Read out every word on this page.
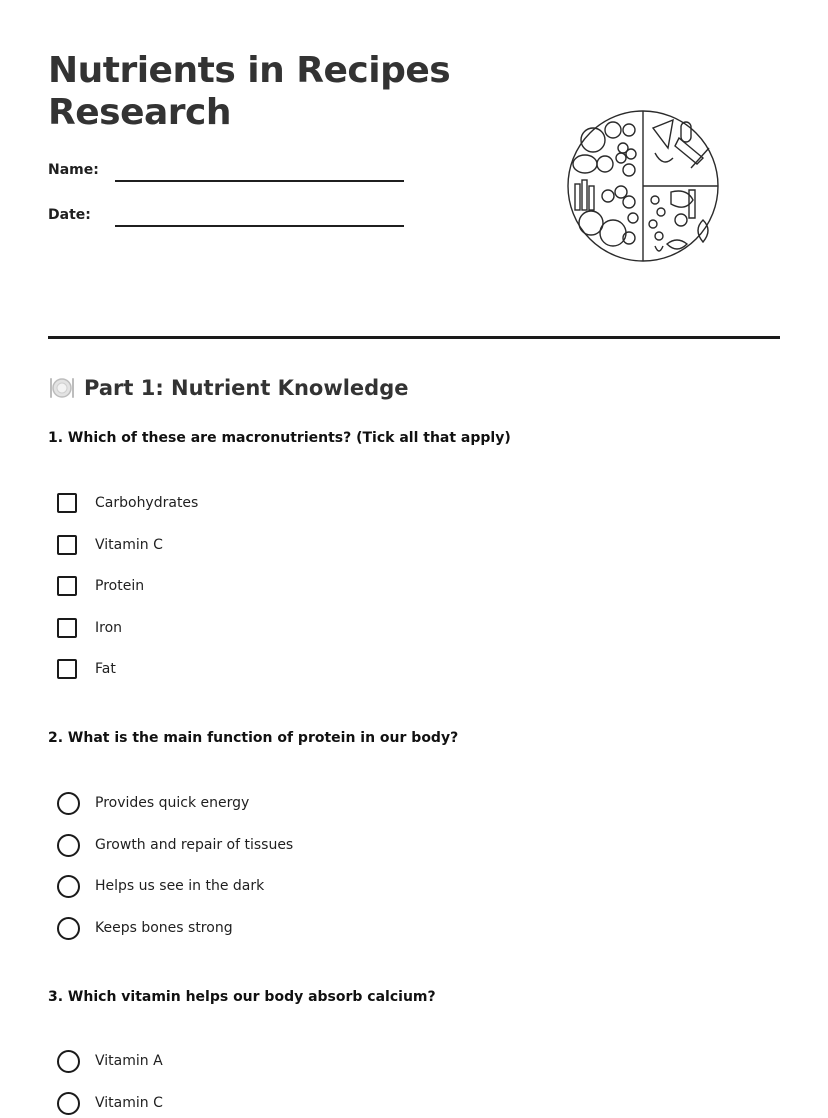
Nutrients in Recipes
Research
Name:
Date:
Part 1: Nutrient Knowledge

1. Which of these are macronutrients? (Tick all that apply)

Carbohydrates
Vitamin C
Protein
Iron
Fat

2. What is the main function of protein in our body?

Provides quick energy
Growth and repair of tissues
Helps us see in the dark
Keeps bones strong

3. Which vitamin helps our body absorb calcium?

Vitamin A
Vitamin C
